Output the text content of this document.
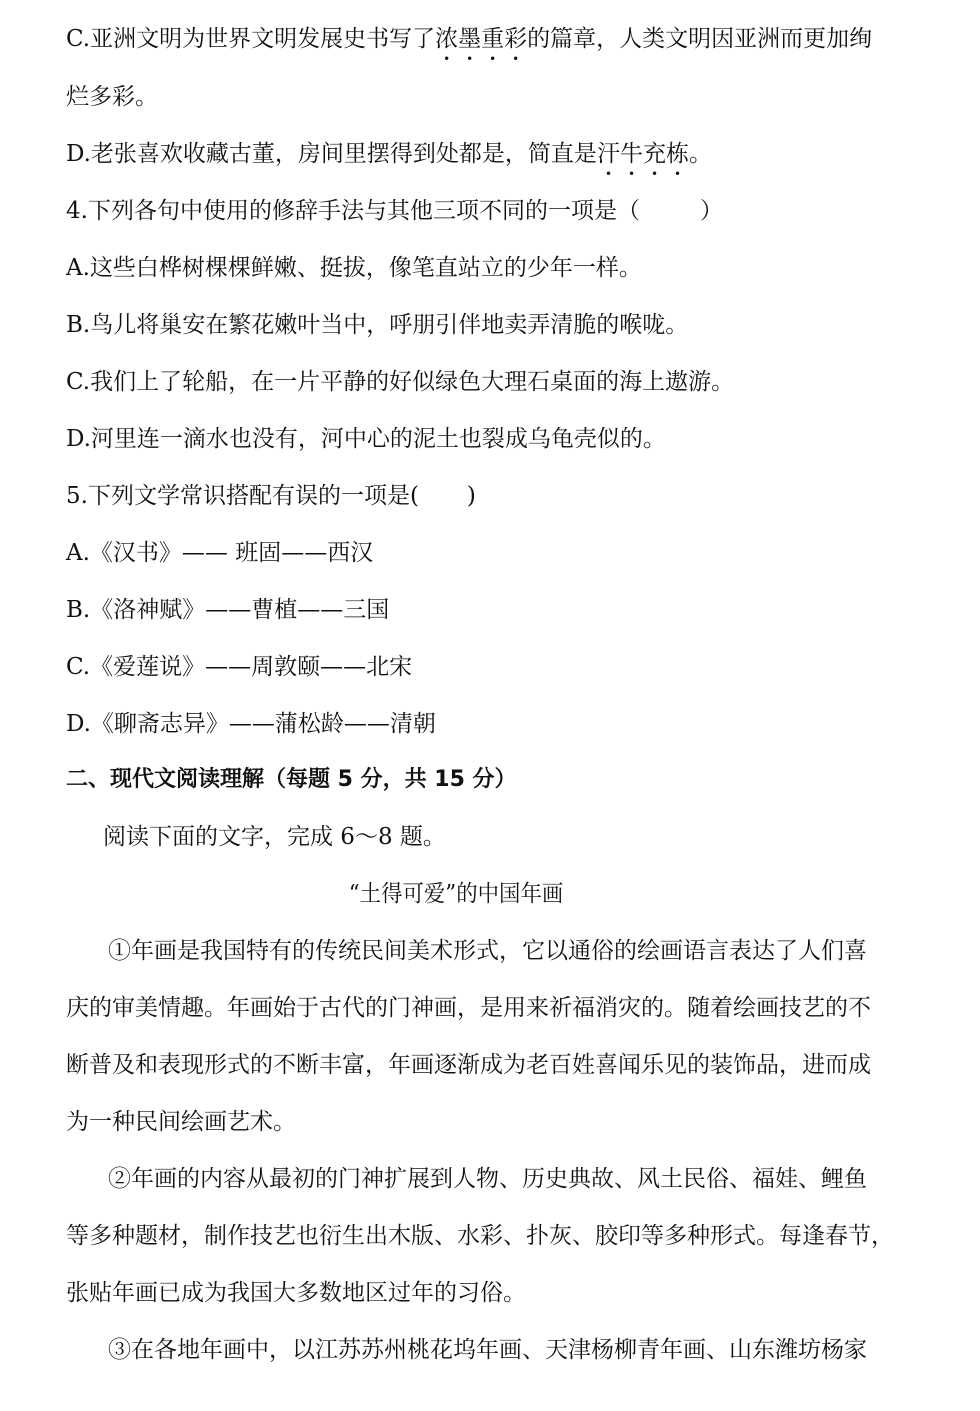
C.亚洲文明为世界文明发展史书写了浓墨重彩的篇章，人类文明因亚洲而更加绚
烂多彩。
D.老张喜欢收藏古董，房间里摆得到处都是，简直是汗牛充栋。
4.下列各句中使用的修辞手法与其他三项不同的一项是（	）
A.这些白桦树棵棵鲜嫩、挺拔，像笔直站立的少年一样。
B.鸟儿将巢安在繁花嫩叶当中，呼朋引伴地卖弄清脆的喉咙。
C.我们上了轮船，在一片平静的好似绿色大理石桌面的海上遨游。
D.河里连一滴水也没有，河中心的泥土也裂成乌龟壳似的。
5.下列文学常识搭配有误的一项是( )
A.《汉书》—— 班固——西汉
B.《洛神赋》——曹植——三国
C.《爱莲说》——周敦颐——北宋
D.《聊斋志异》——蒲松龄——清朝
二、现代文阅读理解（每题 5 分，共 15 分）
阅读下面的文字，完成 6～8 题。
“土得可爱”的中国年画
①年画是我国特有的传统民间美术形式，它以通俗的绘画语言表达了人们喜
庆的审美情趣。年画始于古代的门神画，是用来祈福消灾的。随着绘画技艺的不
断普及和表现形式的不断丰富，年画逐渐成为老百姓喜闻乐见的装饰品，进而成
为一种民间绘画艺术。
②年画的内容从最初的门神扩展到人物、历史典故、风土民俗、福娃、鲤鱼
等多种题材，制作技艺也衍生出木版、水彩、扑灰、胶印等多种形式。每逢春节，
张贴年画已成为我国大多数地区过年的习俗。
③在各地年画中，以江苏苏州桃花坞年画、天津杨柳青年画、山东潍坊杨家
